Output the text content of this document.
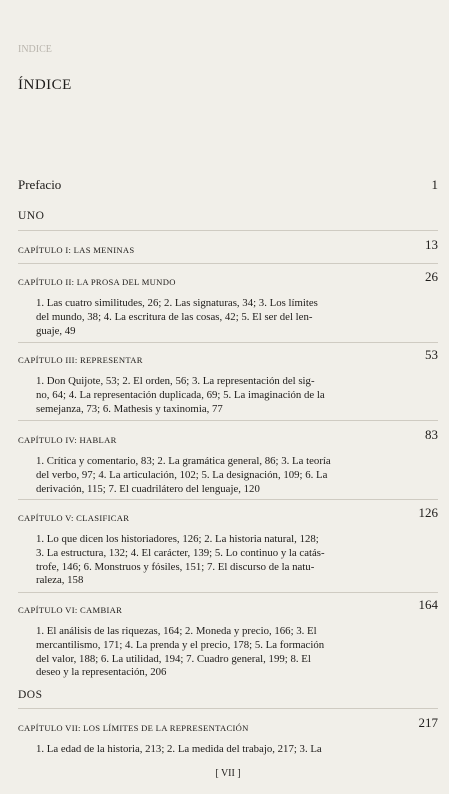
INDICE
ÍNDICE
Prefacio	1
UNO
CAPÍTULO I: LAS MENINAS	13
CAPÍTULO II: LA PROSA DEL MUNDO	26
1. Las cuatro similitudes, 26; 2. Las signaturas, 34; 3. Los límites
del mundo, 38; 4. La escritura de las cosas, 42; 5. El ser del len-
guaje, 49
CAPÍTULO III: REPRESENTAR	53
1. Don Quijote, 53; 2. El orden, 56; 3. La representación del sig-
no, 64; 4. La representación duplicada, 69; 5. La imaginación de la
semejanza, 73; 6. Mathesis y taxinomia, 77
CAPÍTULO IV: HABLAR	83
1. Crítica y comentario, 83; 2. La gramática general, 86; 3. La teoría
del verbo, 97; 4. La articulación, 102; 5. La designación, 109; 6. La
derivación, 115; 7. El cuadrilátero del lenguaje, 120
CAPÍTULO V: CLASIFICAR	126
1. Lo que dicen los historiadores, 126; 2. La historia natural, 128;
3. La estructura, 132; 4. El carácter, 139; 5. Lo continuo y la catás-
trofe, 146; 6. Monstruos y fósiles, 151; 7. El discurso de la natu-
raleza, 158
CAPÍTULO VI: CAMBIAR	164
1. El análisis de las riquezas, 164; 2. Moneda y precio, 166; 3. El
mercantilismo, 171; 4. La prenda y el precio, 178; 5. La formación
del valor, 188; 6. La utilidad, 194; 7. Cuadro general, 199; 8. El
deseo y la representación, 206
DOS
CAPÍTULO VII: LOS LÍMITES DE LA REPRESENTACIÓN	217
1. La edad de la historia, 213; 2. La medida del trabajo, 217; 3. La
[ VII ]
